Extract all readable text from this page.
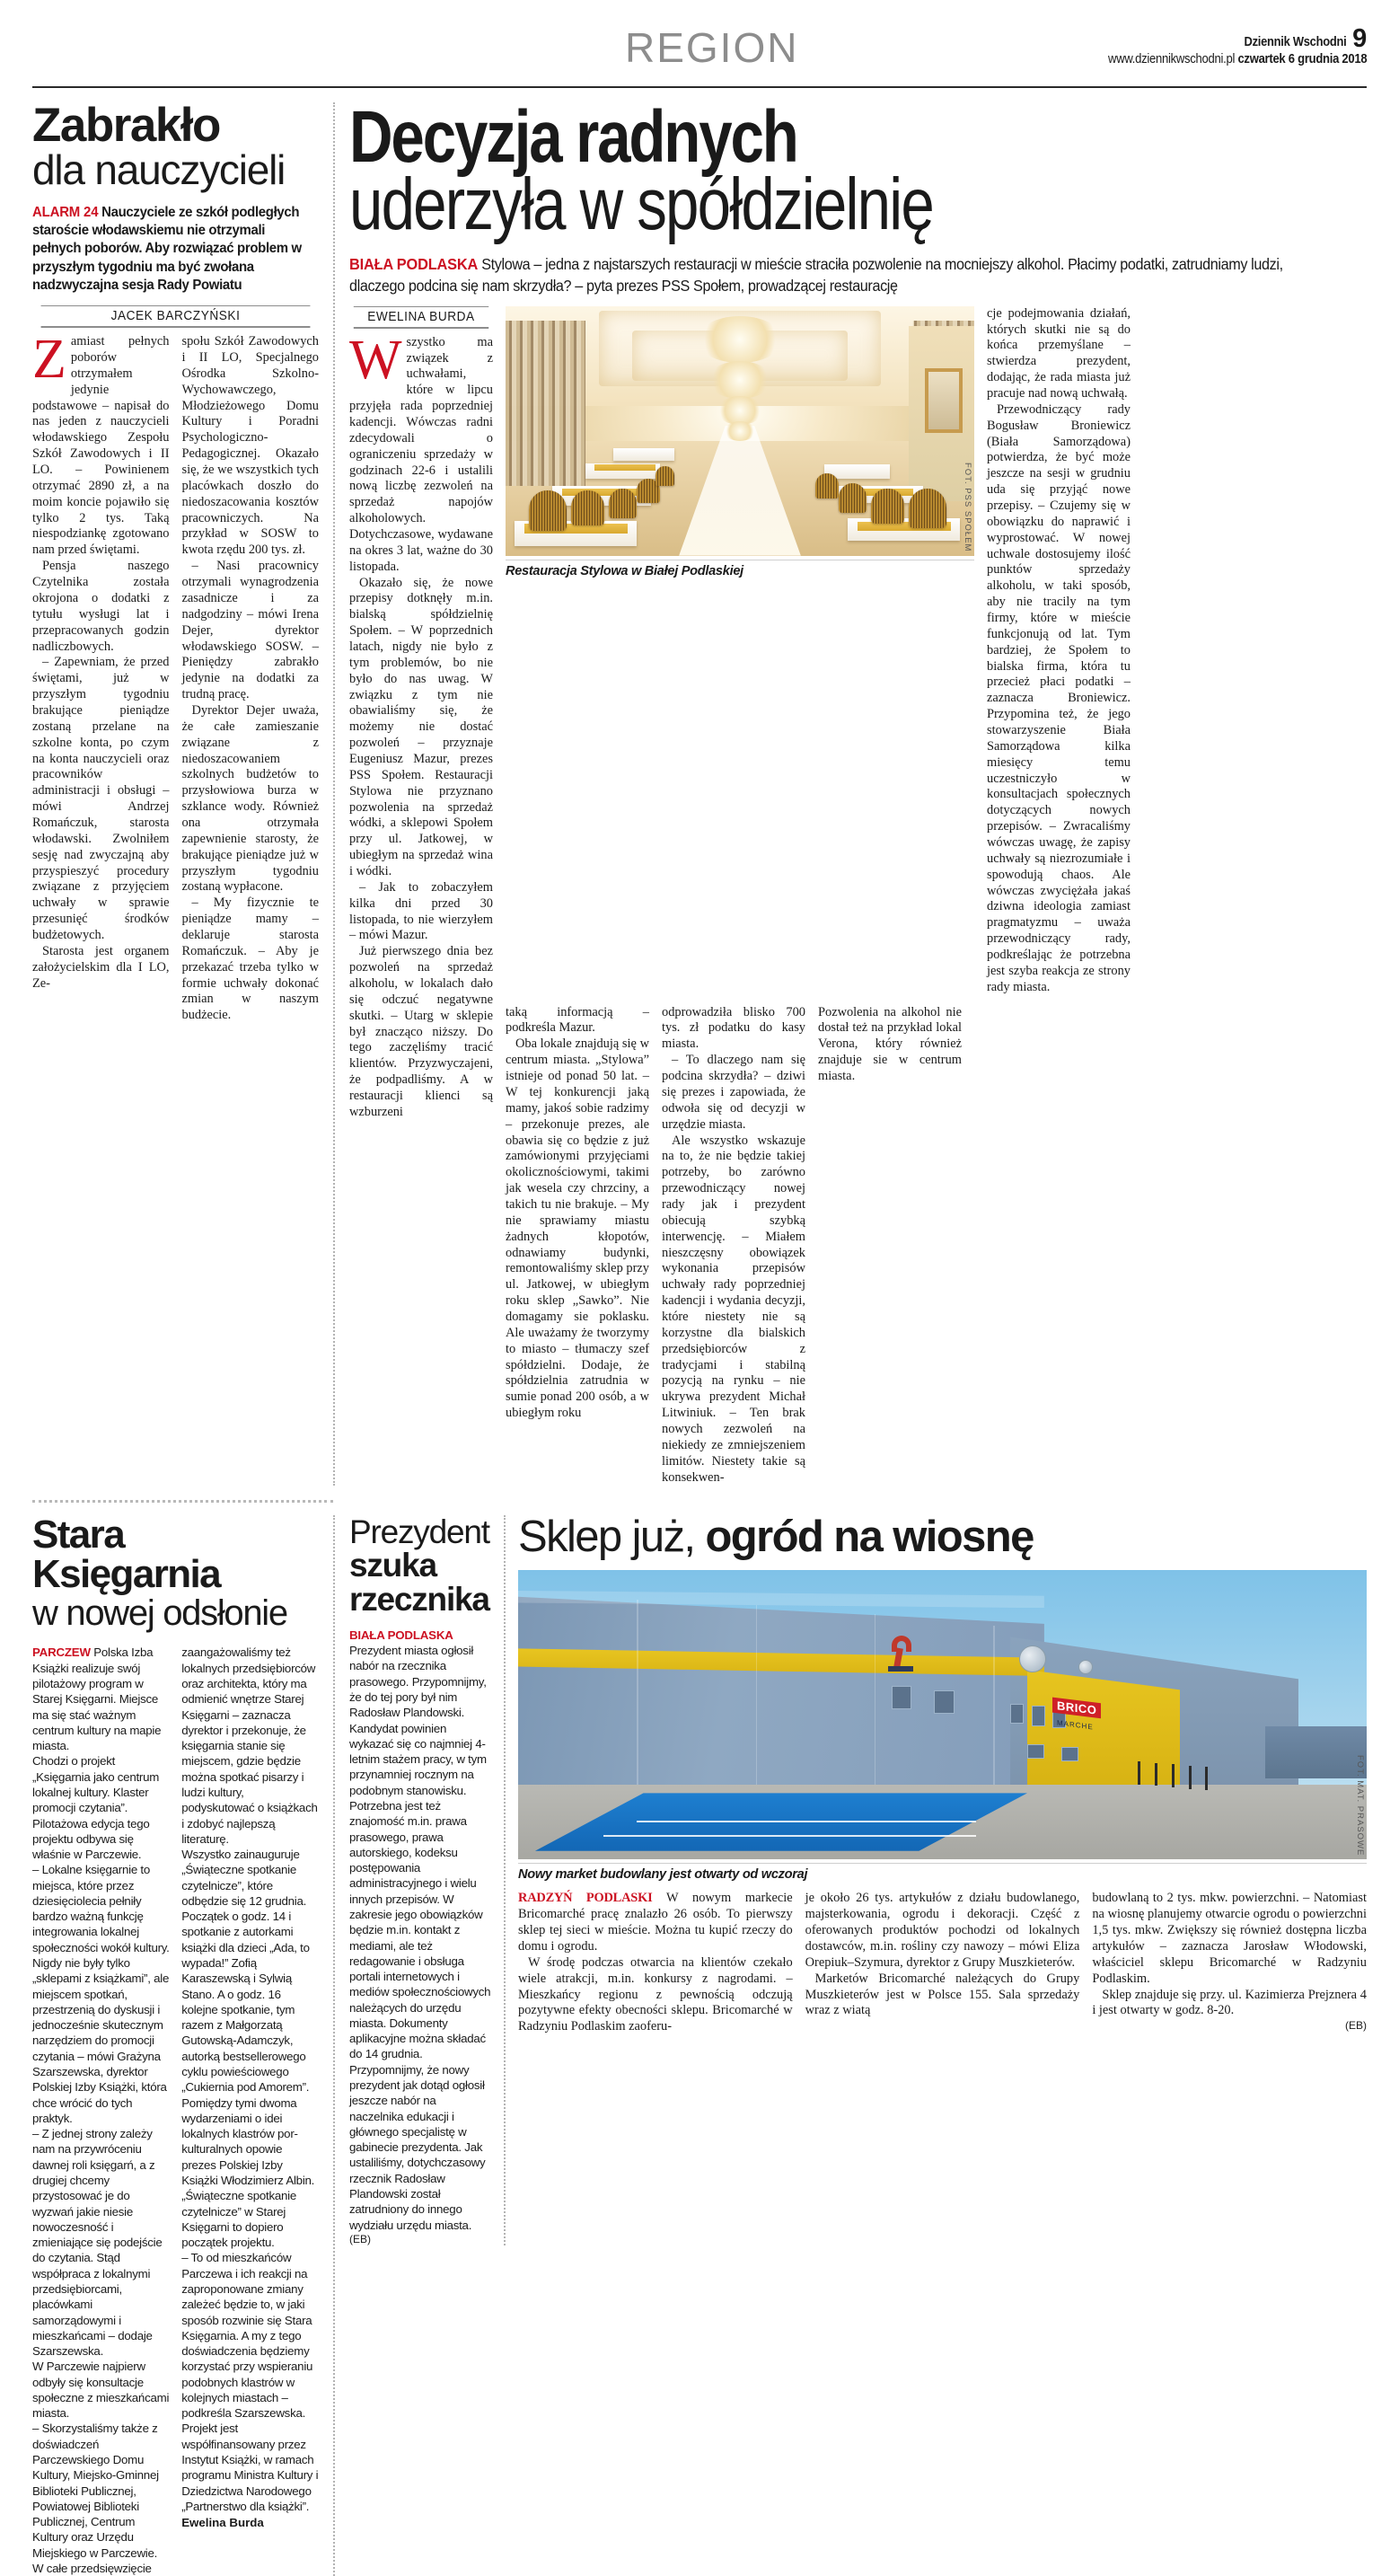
REGION	Dziennik Wschodni 9
www.dziennikwschodni.pl czwartek 6 grudnia 2018
Zabrakło
dla nauczycieli

ALARM 24 Nauczyciele ze szkół podległych staroście włodawskiemu nie otrzymali pełnych poborów. Aby rozwiązać problem w przyszłym tygodniu ma być zwołana nadzwyczajna sesja Rady Powiatu

JACEK BARCZYŃSKI

Zamiast pełnych poborów otrzymałem jedynie podstawowe – napisał do nas jeden z nauczycieli włodawskiego Zespołu Szkół Zawodowych i II LO. – Powinienem otrzymać 2890 zł, a na moim koncie pojawiło się tylko 2 tys. Taką niespodziankę zgotowano nam przed świętami.

Pensja naszego Czytelnika została okrojona o dodatki z tytułu wysługi lat i przepracowanych godzin nadliczbowych.

– Zapewniam, że przed świętami, już w przyszłym tygodniu brakujące pieniądze zostaną przelane na szkolne konta, po czym na konta nauczycieli oraz pracowników administracji i obsługi – mówi Andrzej Romańczuk, starosta włodawski. Zwolniłem sesję nad zwyczajną aby przyspieszyć procedury związane z przyjęciem uchwały w sprawie przesunięć środków budżetowych.

Starosta jest organem założycielskim dla I LO, Ze-

społu Szkół Zawodowych i II LO, Specjalnego Ośrodka Szkolno-Wychowawczego, Młodzieżowego Domu Kultury i Poradni Psychologiczno-Pedagogicznej. Okazało się, że we wszystkich tych placówkach doszło do niedoszacowania kosztów pracowniczych. Na przykład w SOSW to kwota rzędu 200 tys. zł.

– Nasi pracownicy otrzymali wynagrodzenia zasadnicze i za nadgodziny – mówi Irena Dejer, dyrektor włodawskiego SOSW. – Pieniędzy zabrakło jedynie na dodatki za trudną pracę.

Dyrektor Dejer uważa, że całe zamieszanie związane z niedoszacowaniem szkolnych budżetów to przysłowiowa burza w szklance wody. Również ona otrzymała zapewnienie starosty, że brakujące pieniądze już w przyszłym tygodniu zostaną wypłacone.

– My fizycznie te pieniądze mamy – deklaruje starosta Romańczuk. – Aby je przekazać trzeba tylko w formie uchwały dokonać zmian w naszym budżecie.

Decyzja radnych
uderzyła w spółdzielnię

BIAŁA PODLASKA Stylowa – jedna z najstarszych restauracji w mieście straciła pozwolenie na mocniejszy alkohol. Płacimy podatki, zatrudniamy ludzi, dlaczego podcina się nam skrzydła? – pyta prezes PSS Społem, prowadzącej restaurację

EWELINA BURDA

Wszystko ma związek z uchwałami, które w lipcu przyjęła rada poprzedniej kadencji. Wówczas radni zdecydowali o ograniczeniu sprzedaży w godzinach 22-6 i ustalili nową liczbę zezwoleń na sprzedaż napojów alkoholowych. Dotychczasowe, wydawane na okres 3 lat, ważne do 30 listopada.

Okazało się, że nowe przepisy dotknęły m.in. bialską spółdzielnię Społem. – W poprzednich latach, nigdy nie było z tym problemów, bo nie było do nas uwag. W związku z tym nie obawialiśmy się, że możemy nie dostać pozwoleń – przyznaje Eugeniusz Mazur, prezes PSS Społem. Restauracji Stylowa nie przyznano pozwolenia na sprzedaż wódki, a sklepowi Społem przy ul. Jatkowej, w ubiegłym na sprzedaż wina i wódki.

– Jak to zobaczyłem kilka dni przed 30 listopada, to nie wierzyłem – mówi Mazur.

Już pierwszego dnia bez pozwoleń na sprzedaż alkoholu, w lokalach dało się odczuć negatywne skutki. – Utarg w sklepie był znacząco niższy. Do tego zaczęliśmy tracić klientów. Przyzwyczajeni, że podpadliśmy. A w restauracji klienci są wzburzeni

FOT. PSS SPOŁEM
Restauracja Stylowa w Białej Podlaskiej

cje podejmowania działań, których skutki nie są do końca przemyślane – stwierdza prezydent, dodając, że rada miasta już pracuje nad nową uchwałą.

Przewodniczący rady Bogusław Broniewicz (Biała Samorządowa) potwierdza, że być może jeszcze na sesji w grudniu uda się przyjąć nowe przepisy. – Czujemy się w obowiązku do naprawić i wyprostować. W nowej uchwale dostosujemy ilość punktów sprzedaży alkoholu, w taki sposób, aby nie tracily na tym firmy, które w mieście funkcjonują od lat. Tym bardziej, że Społem to bialska firma, która tu przecież płaci podatki – zaznacza Broniewicz. Przypomina też, że jego stowarzyszenie Biała Samorządowa kilka miesięcy temu uczestniczyło w konsultacjach społecznych dotyczących nowych przepisów. – Zwracaliśmy wówczas uwagę, że zapisy uchwały są niezrozumiałe i spowodują chaos. Ale wówczas zwyciężała jakaś dziwna ideologia zamiast pragmatyzmu – uważa przewodniczący rady, podkreślając że potrzebna jest szyba reakcja ze strony rady miasta.

taką informacją – podkreśla Mazur.

Oba lokale znajdują się w centrum miasta. „Stylowa” istnieje od ponad 50 lat. – W tej konkurencji jaką mamy, jakoś sobie radzimy – przekonuje prezes, ale obawia się co będzie z już zamówionymi przyjęciami okolicznościowymi, takimi jak wesela czy chrzciny, a takich tu nie brakuje. – My nie sprawiamy miastu żadnych kłopotów, odnawiamy budynki, remontowaliśmy sklep przy ul. Jatkowej, w ubiegłym roku sklep „Sawko”. Nie domagamy sie poklasku. Ale uważamy że tworzymy to miasto – tłumaczy szef spółdzielni. Dodaje, że spółdzielnia zatrudnia w sumie ponad 200 osób, a w ubiegłym roku

odprowadziła blisko 700 tys. zł podatku do kasy miasta.

– To dlaczego nam się podcina skrzydła? – dziwi się prezes i zapowiada, że odwoła się od decyzji w urzędzie miasta.

Ale wszystko wskazuje na to, że nie będzie takiej potrzeby, bo zarówno przewodniczący nowej rady jak i prezydent obiecują szybką interwencję. – Miałem nieszczęsny obowiązek wykonania przepisów uchwały rady poprzedniej kadencji i wydania decyzji, które niestety nie są korzystne dla bialskich przedsiębiorców z tradycjami i stabilną pozycją na rynku – nie ukrywa prezydent Michał Litwiniuk. – Ten brak nowych zezwoleń na niekiedy ze zmniejszeniem limitów. Niestety takie są konsekwen-

Pozwolenia na alkohol nie dostał też na przykład lokal Verona, który również znajduje sie w centrum miasta.

Stara Księgarnia
w nowej odsłonie

PARCZEW Polska Izba Książki realizuje swój pilotażowy program w Starej Księgarni. Miejsce ma się stać ważnym centrum kultury na mapie miasta.

Chodzi o projekt „Księgarnia jako centrum lokalnej kultury. Klaster promocji czytania”. Pilotażowa edycja tego projektu odbywa się właśnie w Parczewie.

– Lokalne księgarnie to miejsca, które przez dziesięciolecia pełniły bardzo ważną funkcję integrowania lokalnej społeczności wokół kultury. Nigdy nie były tylko „sklepami z książkami”, ale miejscem spotkań, przestrzenią do dyskusji i jednocześnie skutecznym narzędziem do promocji czytania – mówi Grażyna Szarszewska, dyrektor Polskiej Izby Książki, która chce wrócić do tych praktyk.

– Z jednej strony zależy nam na przywróceniu dawnej roli księgarń, a z drugiej chcemy przystosować je do wyzwań jakie niesie nowoczesność i zmieniające się podejście do czytania. Stąd współpraca z lokalnymi przedsiębiorcami, placówkami samorządowymi i mieszkańcami – dodaje Szarszewska.

W Parczewie najpierw odbyły się konsultacje społeczne z mieszkańcami miasta.

– Skorzystaliśmy także z doświadczeń Parczewskiego Domu Kultury, Miejsko-Gminnej Biblioteki Publicznej, Powiatowej Biblioteki Publicznej, Centrum Kultury oraz Urzędu Miejskiego w Parczewie. W całe przedsięwzięcie

zaangażowaliśmy też lokalnych przedsiębiorców oraz architekta, który ma odmienić wnętrze Starej Księgarni – zaznacza dyrektor i przekonuje, że księgarnia stanie się miejscem, gdzie będzie można spotkać pisarzy i ludzi kultury, podyskutować o książkach i zdobyć najlepszą literaturę.

Wszystko zainauguruje „Świąteczne spotkanie czytelnicze”, które odbędzie się 12 grudnia. Początek o godz. 14 i spotkanie z autorkami książki dla dzieci „Ada, to wypada!” Zofią Karaszewską i Sylwią Stano. A o godz. 16 kolejne spotkanie, tym razem z Małgorzatą Gutowską-Adamczyk, autorką bestsellerowego cyklu powieściowego „Cukiernia pod Amorem”. Pomiędzy tymi dwoma wydarzeniami o idei lokalnych klastrów por-kulturalnych opowie prezes Polskiej Izby Książki Włodzimierz Albin.

„Świąteczne spotkanie czytelnicze” w Starej Księgarni to dopiero początek projektu.

– To od mieszkańców Parczewa i ich reakcji na zaproponowane zmiany zależeć będzie to, w jaki sposób rozwinie się Stara Księgarnia. A my z tego doświadczenia będziemy korzystać przy wspieraniu podobnych klastrów w kolejnych miastach – podkreśla Szarszewska.

Projekt jest współfinansowany przez Instytut Książki, w ramach programu Ministra Kultury i Dziedzictwa Narodowego „Partnerstwo dla książki”.

Ewelina Burda
Prezydent
szuka
rzecznika

BIAŁA PODLASKA Prezydent miasta ogłosił nabór na rzecznika prasowego. Przypomnijmy, że do tej pory był nim Radosław Plandowski. Kandydat powinien wykazać się co najmniej 4-letnim stażem pracy, w tym przynamniej rocznym na podobnym stanowisku. Potrzebna jest też znajomość m.in. prawa prasowego, prawa autorskiego, kodeksu postępowania administracyjnego i wielu innych przepisów. W zakresie jego obowiązków będzie m.in. kontakt z mediami, ale też redagowanie i obsługa portali internetowych i mediów społecznościowych należących do urzędu miasta. Dokumenty aplikacyjne można składać do 14 grudnia.

Przypomnijmy, że nowy prezydent jak dotąd ogłosił jeszcze nabór na naczelnika edukacji i głównego specjalistę w gabinecie prezydenta. Jak ustaliliśmy, dotychczasowy rzecznik Radosław Plandowski został zatrudniony do innego wydziału urzędu miasta.

(EB)
Sklep już, ogród na wiosnę
BRICO
MARCHE
FOT. MAT. PRASOWE
Nowy market budowlany jest otwarty od wczoraj

RADZYŃ PODLASKI W nowym markecie Bricomarché pracę znalazło 26 osób. To pierwszy sklep tej sieci w mieście. Można tu kupić rzeczy do domu i ogrodu.

W środę podczas otwarcia na klientów czekało wiele atrakcji, m.in. konkursy z nagrodami. – Mieszkańcy regionu z pewnością odczują pozytywne efekty obecności sklepu. Bricomarché w Radzyniu Podlaskim zaoferu-

je około 26 tys. artykułów z działu budowlanego, majsterkowania, ogrodu i dekoracji. Część z oferowanych produktów pochodzi od lokalnych dostawców, m.in. rośliny czy nawozy – mówi Eliza Orepiuk–Szymura, dyrektor z Grupy Muszkieterów.

Marketów Bricomarché należących do Grupy Muszkieterów jest w Polsce 155. Sala sprzedaży wraz z wiatą

budowlaną to 2 tys. mkw. powierzchni. – Natomiast na wiosnę planujemy otwarcie ogrodu o powierzchni 1,5 tys. mkw. Zwiększy się również dostępna liczba artykułów – zaznacza Jarosław Włodowski, właściciel sklepu Bricomarché w Radzyniu Podlaskim.

Sklep znajduje się przy. ul. Kazimierza Prejznera 4 i jest otwarty w godz. 8-20.

(EB)
